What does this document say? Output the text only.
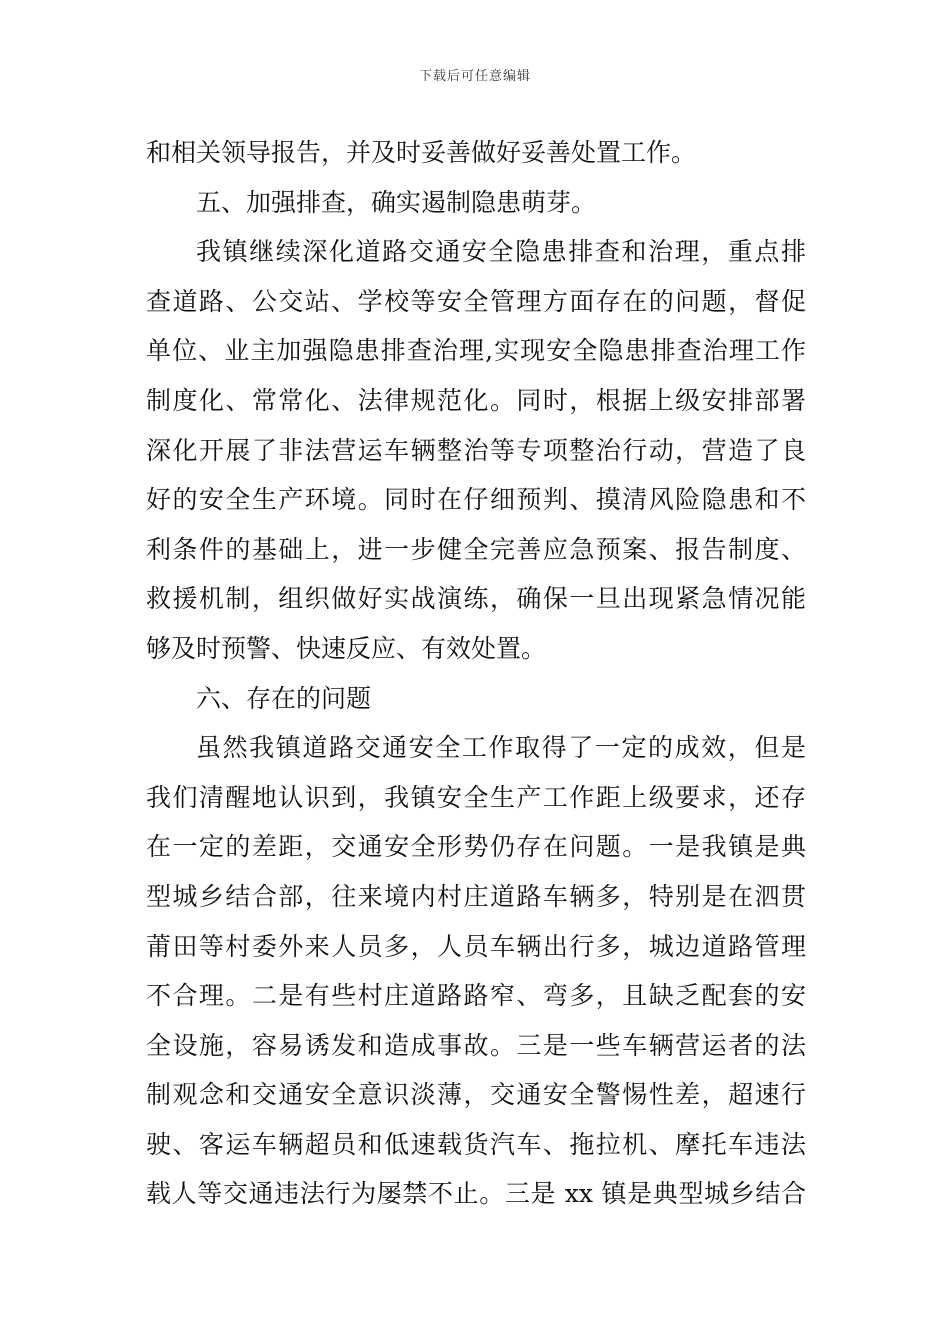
下载后可任意编辑
和相关领导报告，并及时妥善做好妥善处置工作。
五、加强排查，确实遏制隐患萌芽。
我镇继续深化道路交通安全隐患排查和治理，重点排
查道路、公交站、学校等安全管理方面存在的问题，督促
单位、业主加强隐患排查治理,实现安全隐患排查治理工作
制度化、常常化、法律规范化。同时，根据上级安排部署
深化开展了非法营运车辆整治等专项整治行动，营造了良
好的安全生产环境。同时在仔细预判、摸清风险隐患和不
利条件的基础上，进一步健全完善应急预案、报告制度、
救援机制，组织做好实战演练，确保一旦出现紧急情况能
够及时预警、快速反应、有效处置。
六、存在的问题
虽然我镇道路交通安全工作取得了一定的成效，但是
我们清醒地认识到，我镇安全生产工作距上级要求，还存
在一定的差距，交通安全形势仍存在问题。一是我镇是典
型城乡结合部，往来境内村庄道路车辆多，特别是在泗贯
莆田等村委外来人员多，人员车辆出行多，城边道路管理
不合理。二是有些村庄道路路窄、弯多，且缺乏配套的安
全设施，容易诱发和造成事故。三是一些车辆营运者的法
制观念和交通安全意识淡薄，交通安全警惕性差，超速行
驶、客运车辆超员和低速载货汽车、拖拉机、摩托车违法
载人等交通违法行为屡禁不止。三是 xx 镇是典型城乡结合
